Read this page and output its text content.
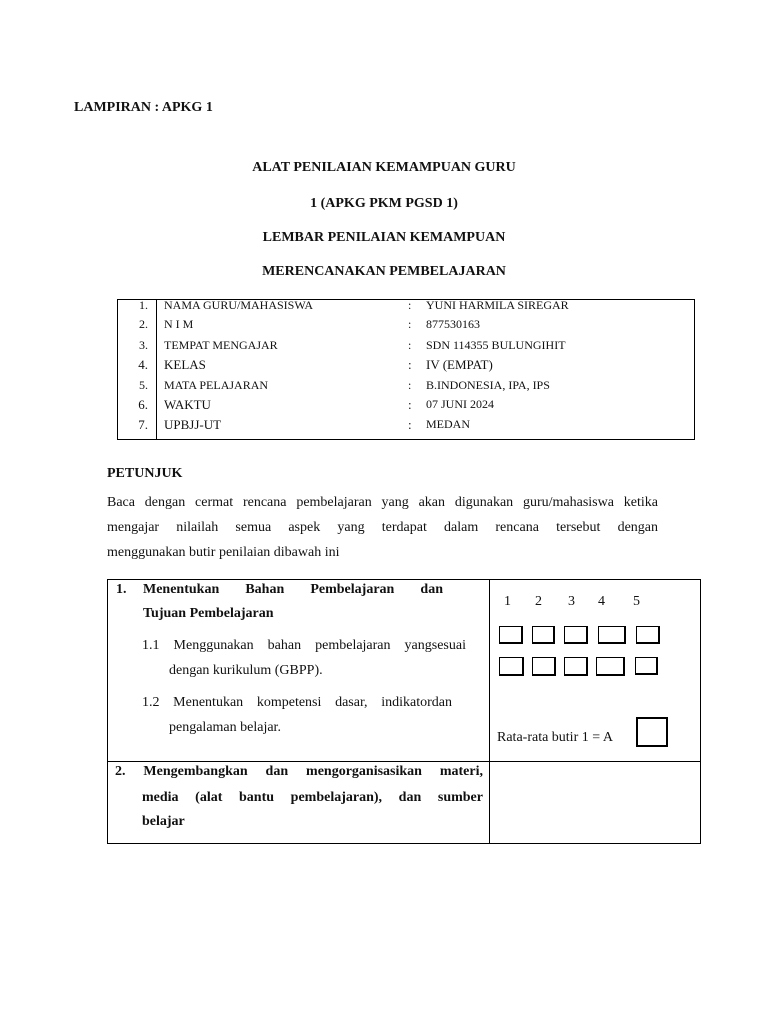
LAMPIRAN : APKG 1
ALAT PENILAIAN KEMAMPUAN GURU
1 (APKG PKM PGSD 1)
LEMBAR PENILAIAN KEMAMPUAN
MERENCANAKAN PEMBELAJARAN
1. NAMA GURU/MAHASISWA	: YUNI HARMILA SIREGAR
2. N I M	: 877530163
3. TEMPAT MENGAJAR	: SDN 114355 BULUNGIHIT
4. KELAS	: IV (EMPAT)
5. MATA PELAJARAN	: B.INDONESIA, IPA, IPS
6. WAKTU	: 07 JUNI 2024
7. UPBJJ-UT	: MEDAN
PETUNJUK
Baca dengan cermat rencana pembelajaran yang akan digunakan guru/mahasiswa ketika
mengajar nilailah semua aspek yang terdapat dalam rencana tersebut dengan
menggunakan butir penilaian dibawah ini
1. Menentukan Bahan Pembelajaran dan
Tujuan Pembelajaran
1.1 Menggunakan bahan pembelajaran yangsesuai
dengan kurikulum (GBPP).
1.2 Menentukan kompetensi dasar, indikatordan
pengalaman belajar.
1 2 3 4 5
Rata-rata butir 1 = A
2. Mengembangkan dan mengorganisasikan materi,
media (alat bantu pembelajaran), dan sumber
belajar
